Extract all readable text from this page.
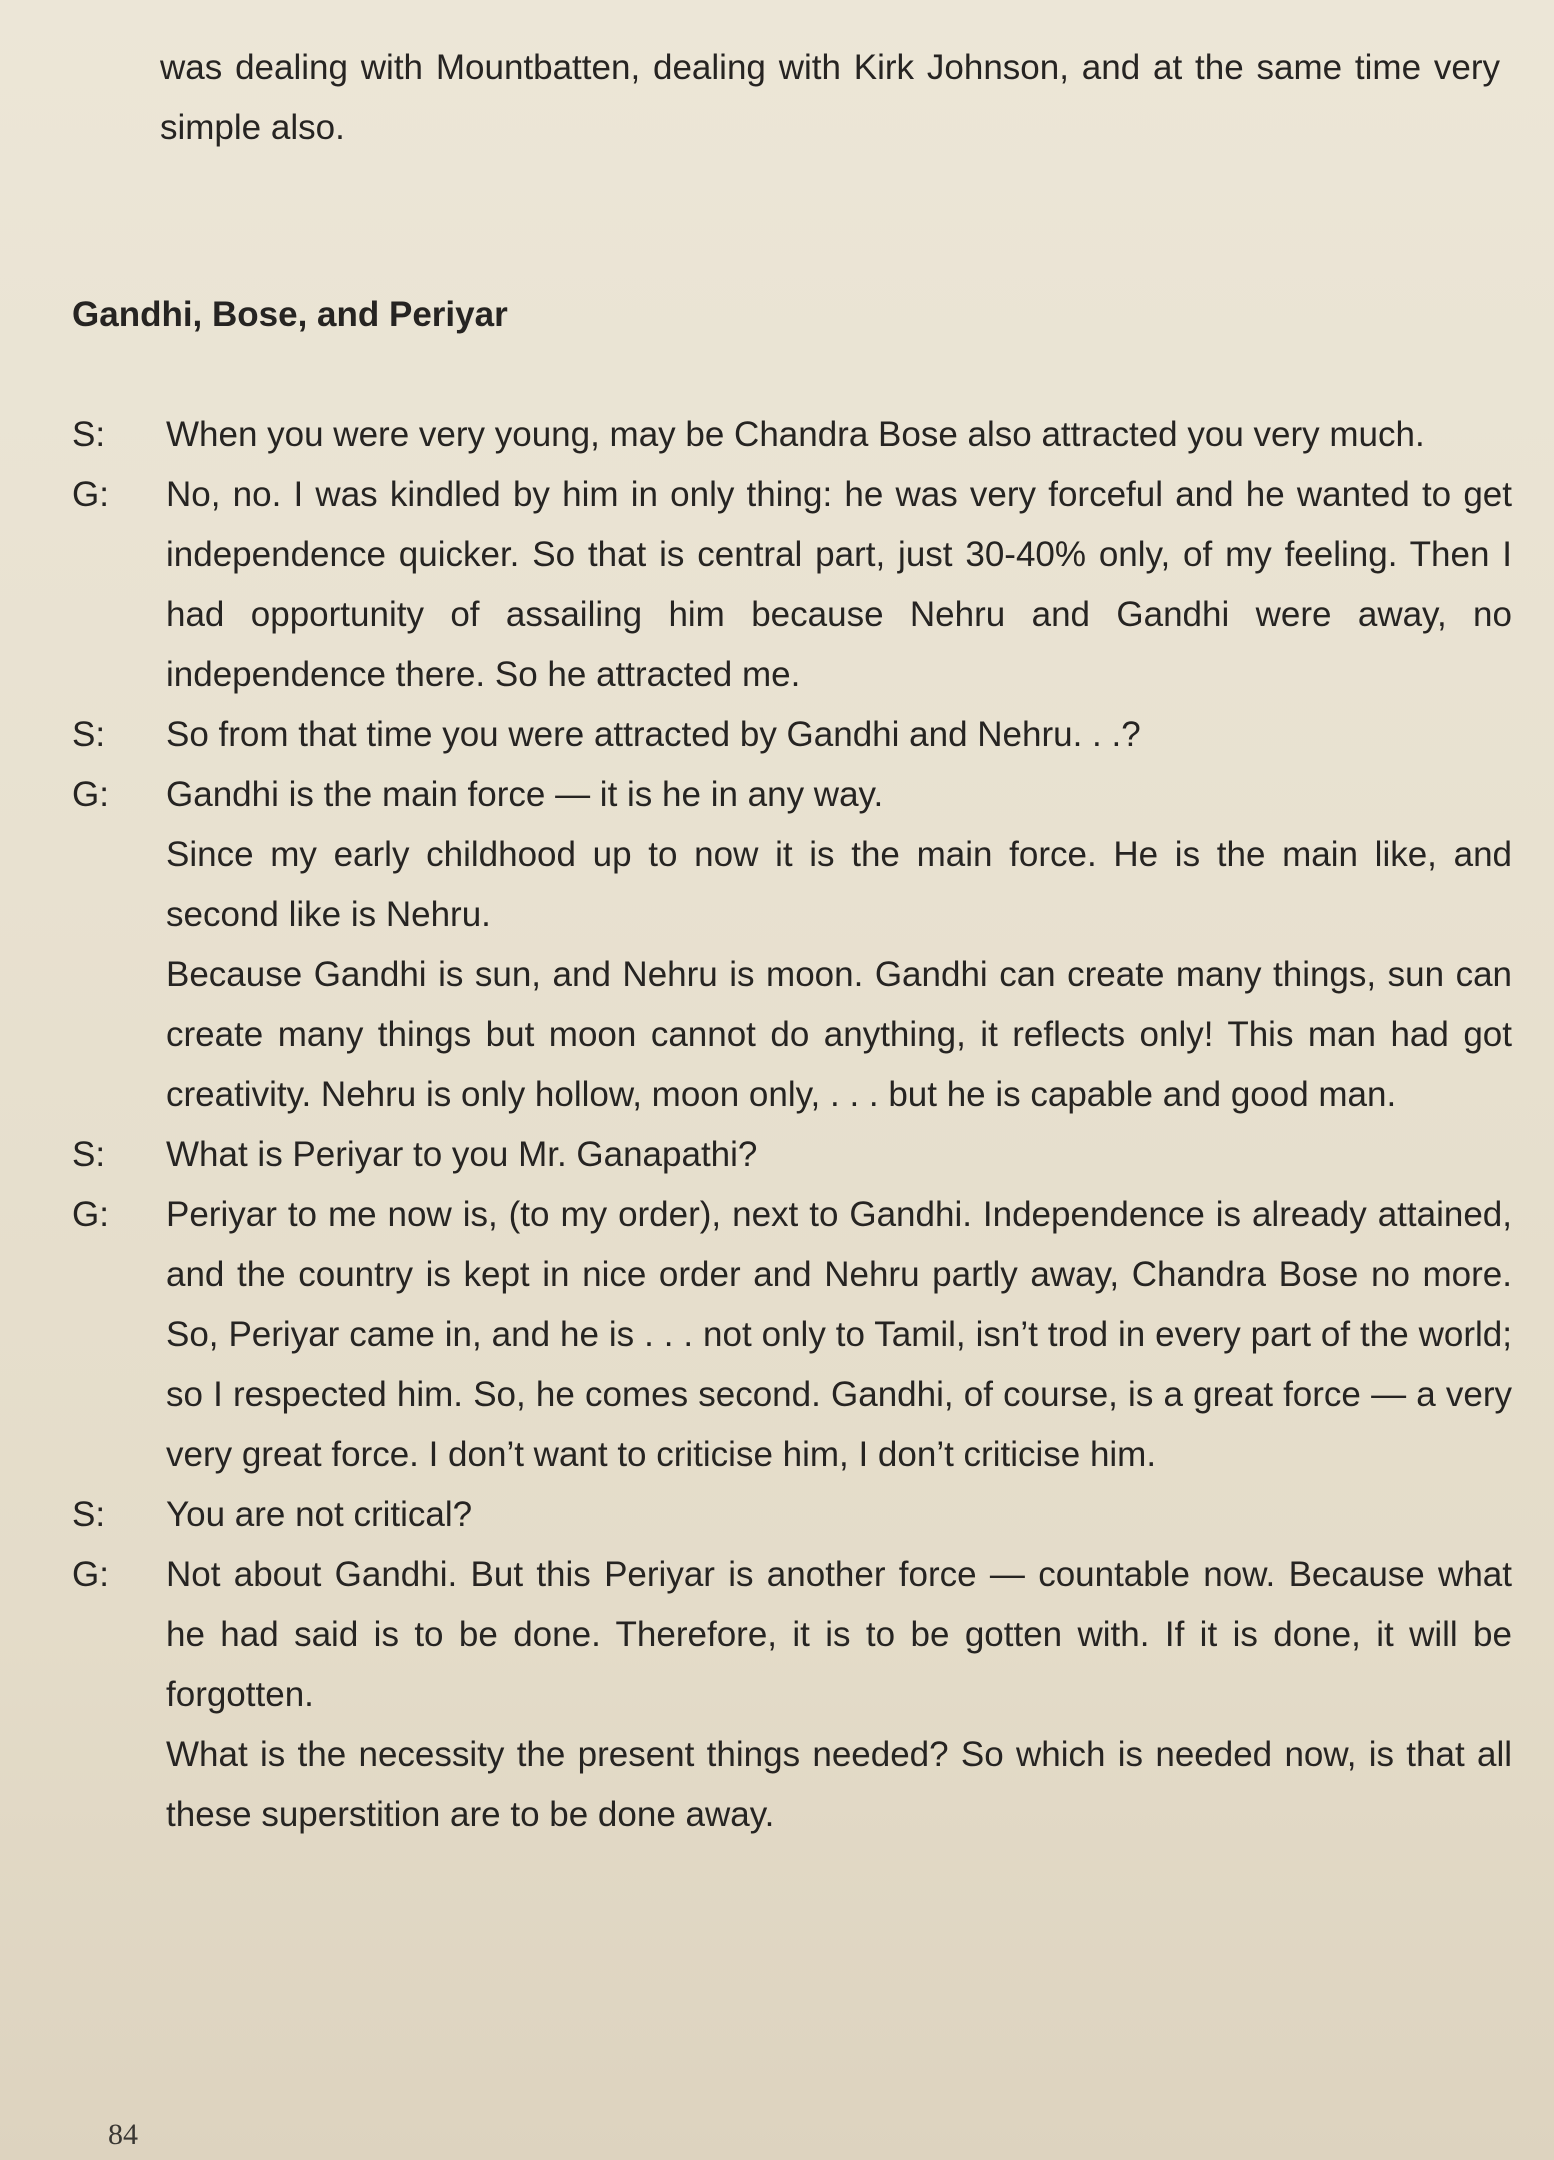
was dealing with Mountbatten, dealing with Kirk Johnson, and at the same time very simple also.
Gandhi, Bose, and Periyar
S:	When you were very young, may be Chandra Bose also attracted you very much.

G:	No, no. I was kindled by him in only thing: he was very forceful and he wanted to get independence quicker. So that is central part, just 30-40% only, of my feeling. Then I had opportunity of assailing him because Nehru and Gandhi were away, no independence there. So he attracted me.

S:	So from that time you were attracted by Gandhi and Nehru. . .?

G:	Gandhi is the main force — it is he in any way.

Since my early childhood up to now it is the main force. He is the main like, and second like is Nehru.

Because Gandhi is sun, and Nehru is moon. Gandhi can create many things, sun can create many things but moon cannot do anything, it reflects only! This man had got creativity. Nehru is only hollow, moon only, . . . but he is capable and good man.

S:	What is Periyar to you Mr. Ganapathi?

G:	Periyar to me now is, (to my order), next to Gandhi. Independence is already attained, and the country is kept in nice order and Nehru partly away, Chandra Bose no more. So, Periyar came in, and he is . . . not only to Tamil, isn’t trod in every part of the world; so I respected him. So, he comes second. Gandhi, of course, is a great force — a very very great force. I don’t want to criticise him, I don’t criticise him.

S:	You are not critical?

G:	Not about Gandhi. But this Periyar is another force — countable now. Because what he had said is to be done. Therefore, it is to be gotten with. If it is done, it will be forgotten.

What is the necessity the present things needed? So which is needed now, is that all these superstition are to be done away.

84
